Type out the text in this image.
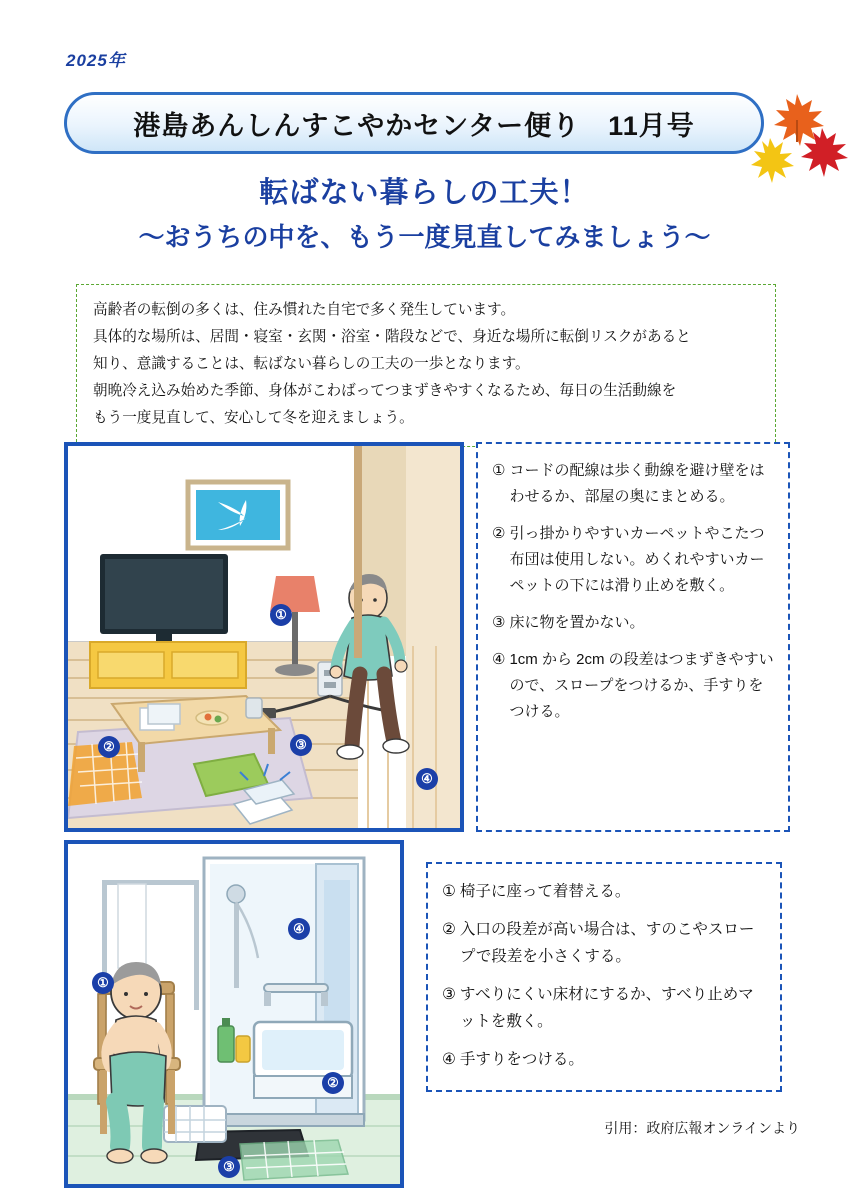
2025年
港島あんしんすこやかセンター便り　11月号
転ばない暮らしの工夫！
～おうちの中を、もう一度見直してみましょう～

高齢者の転倒の多くは、住み慣れた自宅で多く発生しています。

具体的な場所は、居間・寝室・玄関・浴室・階段などで、身近な場所に転倒リスクがあると

知り、意識することは、転ばない暮らしの工夫の一歩となります。

朝晩冷え込み始めた季節、身体がこわばってつまずきやすくなるため、毎日の生活動線を

もう一度見直して、安心して冬を迎えましょう。

①
②	③
④
① コードの配線は歩く動線を避け壁をはわせるか、部屋の奥にまとめる。
② 引っ掛かりやすいカーペットやこたつ布団は使用しない。めくれやすいカーペットの下には滑り止めを敷く。
③ 床に物を置かない。
④ 1cm から 2cm の段差はつまずきやすいので、スロープをつけるか、手すりをつける。
①
②
③
④
① 椅子に座って着替える。
② 入口の段差が高い場合は、すのこやスロープで段差を小さくする。
③ すべりにくい床材にするか、すべり止めマットを敷く。
④ 手すりをつける。
引用：政府広報オンラインより
